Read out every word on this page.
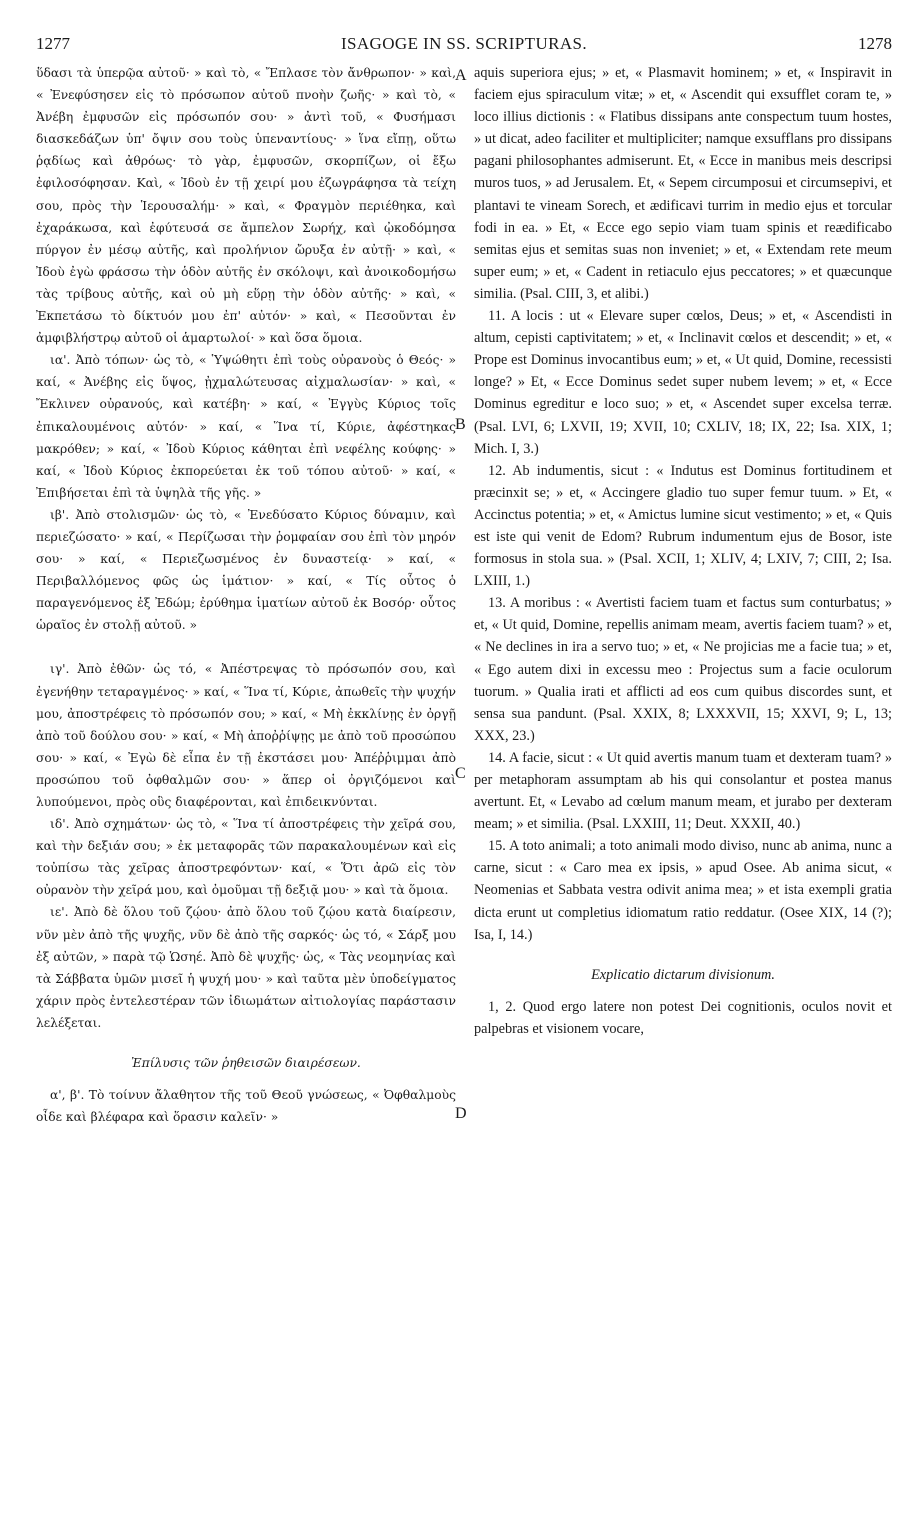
1277	ISAGOGE IN SS. SCRIPTURAS.	1278

ὕδασι τὰ ὑπερῷα αὐτοῦ· » καὶ τὸ, « Ἔπλασε τὸν ἄνθρωπον· » καὶ, « Ἐνεφύσησεν εἰς τὸ πρόσωπον αὐτοῦ πνοὴν ζωῆς· » καὶ τὸ, « Ἀνέβη ἐμφυσῶν εἰς πρόσωπόν σου· » ἀντὶ τοῦ, « Φυσήμασι διασκεδάζων ὑπ' ὄψιν σου τοὺς ὑπεναντίους· » ἵνα εἴπῃ, οὕτω ῥᾳδίως καὶ ἀθρόως· τὸ γὰρ, ἐμφυσῶν, σκορπίζων, οἱ ἔξω ἐφιλοσόφησαν. Καὶ, « Ἰδοὺ ἐν τῇ χειρί μου ἐζωγράφησα τὰ τείχη σου, πρὸς τὴν Ἱερουσαλήμ· » καὶ, « Φραγμὸν περιέθηκα, καὶ ἐχαράκωσα, καὶ ἐφύτευσά σε ἄμπελον Σωρήχ, καὶ ᾠκοδόμησα πύργον ἐν μέσῳ αὐτῆς, καὶ προλήνιον ὤρυξα ἐν αὐτῇ· » καὶ, « Ἰδοὺ ἐγὼ φράσσω τὴν ὁδὸν αὐτῆς ἐν σκόλοψι, καὶ ἀνοικοδομήσω τὰς τρίβους αὐτῆς, καὶ οὐ μὴ εὕρῃ τὴν ὁδὸν αὐτῆς· » καὶ, « Ἐκπετάσω τὸ δίκτυόν μου ἐπ' αὐτόν· » καὶ, « Πεσοῦνται ἐν ἀμφιβλήστρῳ αὐτοῦ οἱ ἁμαρτωλοί· » καὶ ὅσα ὅμοια.

ια'. Ἀπὸ τόπων· ὡς τὸ, « Ὑψώθητι ἐπὶ τοὺς οὐρανοὺς ὁ Θεός· » καί, « Ἀνέβης εἰς ὕψος, ᾐχμαλώτευσας αἰχμαλωσίαν· » καὶ, « Ἔκλινεν οὐρανούς, καὶ κατέβη· » καί, « Ἐγγὺς Κύριος τοῖς ἐπικαλουμένοις αὐτόν· » καί, « Ἵνα τί, Κύριε, ἀφέστηκας μακρόθεν; » καί, « Ἰδοὺ Κύριος κάθηται ἐπὶ νεφέλης κούφης· » καί, « Ἰδοὺ Κύριος ἐκπορεύεται ἐκ τοῦ τόπου αὐτοῦ· » καί, « Ἐπιβήσεται ἐπὶ τὰ ὑψηλὰ τῆς γῆς. »

ιβ'. Ἀπὸ στολισμῶν· ὡς τὸ, « Ἐνεδύσατο Κύριος δύναμιν, καὶ περιεζώσατο· » καί, « Περίζωσαι τὴν ῥομφαίαν σου ἐπὶ τὸν μηρόν σου· » καί, « Περιεζωσμένος ἐν δυναστείᾳ· » καί, « Περιβαλλόμενος φῶς ὡς ἱμάτιον· » καί, « Τίς οὗτος ὁ παραγενόμενος ἐξ Ἐδώμ; ἐρύθημα ἱματίων αὐτοῦ ἐκ Βοσόρ· οὗτος ὡραῖος ἐν στολῇ αὐτοῦ. »

ιγ'. Ἀπὸ ἐθῶν· ὡς τό, « Ἀπέστρεψας τὸ πρόσωπόν σου, καὶ ἐγενήθην τεταραγμένος· » καί, « Ἵνα τί, Κύριε, ἀπωθεῖς τὴν ψυχήν μου, ἀποστρέφεις τὸ πρόσωπόν σου; » καί, « Μὴ ἐκκλίνῃς ἐν ὀργῇ ἀπὸ τοῦ δούλου σου· » καί, « Μὴ ἀποῤῥίψῃς με ἀπὸ τοῦ προσώπου σου· » καί, « Ἐγὼ δὲ εἶπα ἐν τῇ ἐκστάσει μου· Ἀπέῤῥιμμαι ἀπὸ προσώπου τοῦ ὀφθαλμῶν σου· » ἅπερ οἱ ὀργιζόμενοι καὶ λυπούμενοι, πρὸς οὓς διαφέρονται, καὶ ἐπιδεικνύνται.

ιδ'. Ἀπὸ σχημάτων· ὡς τὸ, « Ἵνα τί ἀποστρέφεις τὴν χεῖρά σου, καὶ τὴν δεξιάν σου; » ἐκ μεταφορᾶς τῶν παρακαλουμένων καὶ εἰς τοὐπίσω τὰς χεῖρας ἀποστρεφόντων· καί, « Ὅτι ἀρῶ εἰς τὸν οὐρανὸν τὴν χεῖρά μου, καὶ ὀμοῦμαι τῇ δεξιᾷ μου· » καὶ τὰ ὅμοια.

ιε'. Ἀπὸ δὲ ὅλου τοῦ ζῴου· ἀπὸ ὅλου τοῦ ζῴου κατὰ διαίρεσιν, νῦν μὲν ἀπὸ τῆς ψυχῆς, νῦν δὲ ἀπὸ τῆς σαρκός· ὡς τό, « Σάρξ μου ἐξ αὐτῶν, » παρὰ τῷ Ὡσηέ. Ἀπὸ δὲ ψυχῆς· ὡς, « Τὰς νεομηνίας καὶ τὰ Σάββατα ὑμῶν μισεῖ ἡ ψυχή μου· » καὶ ταῦτα μὲν ὑποδείγματος χάριν πρὸς ἐντελεστέραν τῶν ἰδιωμάτων αἰτιολογίας παράστασιν λελέξεται.

Ἐπίλυσις τῶν ῥηθεισῶν διαιρέσεων.

α', β'. Τὸ τοίνυν ἄλαθητον τῆς τοῦ Θεοῦ γνώσεως, « Ὀφθαλμοὺς οἶδε καὶ βλέφαρα καὶ ὅρασιν καλεῖν· »

A
B
C
D

aquis superiora ejus; » et, « Plasmavit hominem; » et, « Inspiravit in faciem ejus spiraculum vitæ; » et, « Ascendit qui exsufflet coram te, » loco illius dictionis : « Flatibus dissipans ante conspectum tuum hostes, » ut dicat, adeo faciliter et multipliciter; namque exsufflans pro dissipans pagani philosophantes admiserunt. Et, « Ecce in manibus meis descripsi muros tuos, » ad Jerusalem. Et, « Sepem circumposui et circumsepivi, et plantavi te vineam Sorech, et ædificavi turrim in medio ejus et torcular fodi in ea. » Et, « Ecce ego sepio viam tuam spinis et reædificabo semitas ejus et semitas suas non inveniet; » et, « Extendam rete meum super eum; » et, « Cadent in retiaculo ejus peccatores; » et quæcunque similia. (Psal. CIII, 3, et alibi.)

11. A locis : ut « Elevare super cœlos, Deus; » et, « Ascendisti in altum, cepisti captivitatem; » et, « Inclinavit cœlos et descendit; » et, « Prope est Dominus invocantibus eum; » et, « Ut quid, Domine, recessisti longe? » Et, « Ecce Dominus sedet super nubem levem; » et, « Ecce Dominus egreditur e loco suo; » et, « Ascendet super excelsa terræ. (Psal. LVI, 6; LXVII, 19; XVII, 10; CXLIV, 18; IX, 22; Isa. XIX, 1; Mich. I, 3.)

12. Ab indumentis, sicut : « Indutus est Dominus fortitudinem et præcinxit se; » et, « Accingere gladio tuo super femur tuum. » Et, « Accinctus potentia; » et, « Amictus lumine sicut vestimento; » et, « Quis est iste qui venit de Edom? Rubrum indumentum ejus de Bosor, iste formosus in stola sua. » (Psal. XCII, 1; XLIV, 4; LXIV, 7; CIII, 2; Isa. LXIII, 1.)

13. A moribus : « Avertisti faciem tuam et factus sum conturbatus; » et, « Ut quid, Domine, repellis animam meam, avertis faciem tuam? » et, « Ne declines in ira a servo tuo; » et, « Ne projicias me a facie tua; » et, « Ego autem dixi in excessu meo : Projectus sum a facie oculorum tuorum. » Qualia irati et afflicti ad eos cum quibus discordes sunt, et sensa sua pandunt. (Psal. XXIX, 8; LXXXVII, 15; XXVI, 9; L, 13; XXX, 23.)

14. A facie, sicut : « Ut quid avertis manum tuam et dexteram tuam? » per metaphoram assumptam ab his qui consolantur et postea manus avertunt. Et, « Levabo ad cœlum manum meam, et jurabo per dexteram meam; » et similia. (Psal. LXXIII, 11; Deut. XXXII, 40.)

15. A toto animali; a toto animali modo diviso, nunc ab anima, nunc a carne, sicut : « Caro mea ex ipsis, » apud Osee. Ab anima sicut, « Neomenias et Sabbata vestra odivit anima mea; » et ista exempli gratia dicta erunt ut completius idiomatum ratio reddatur. (Osee XIX, 14 (?); Isa, I, 14.)

Explicatio dictarum divisionum.

1, 2. Quod ergo latere non potest Dei cognitionis, oculos novit et palpebras et visionem vocare,
